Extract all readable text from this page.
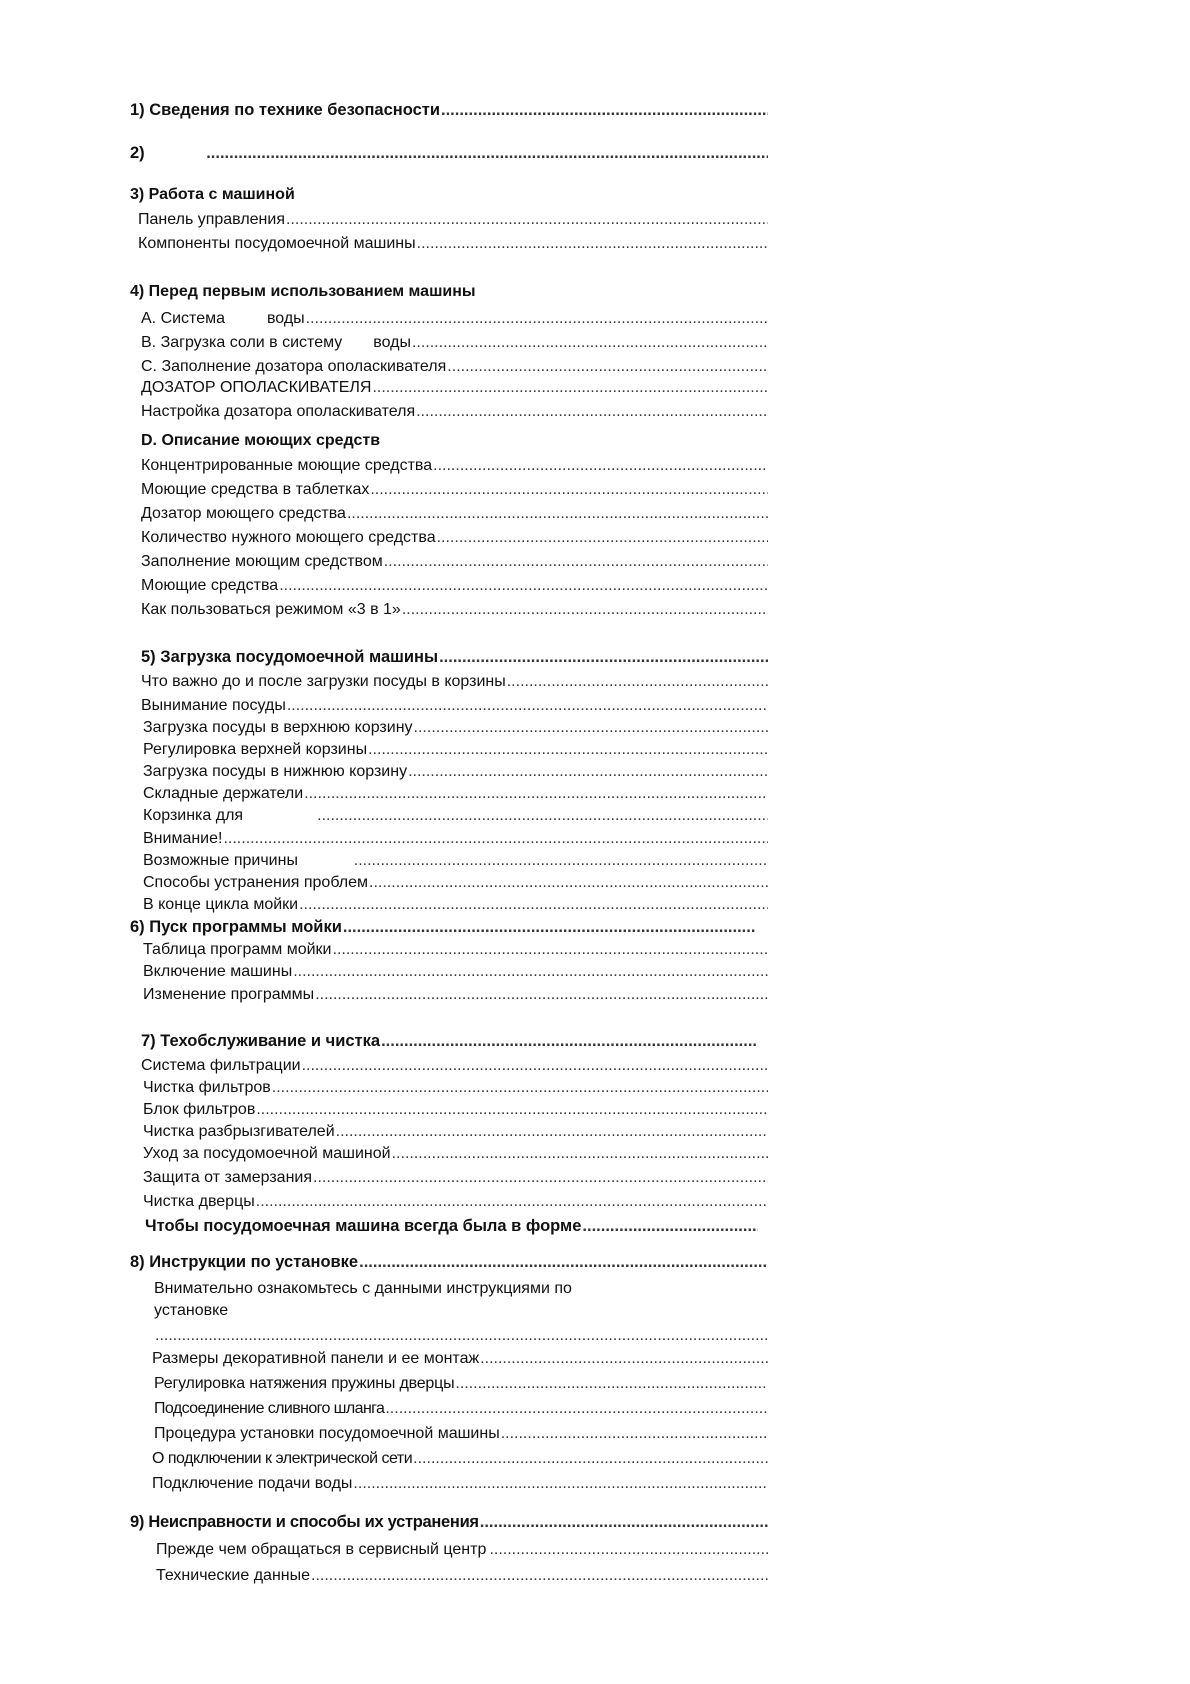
1) Сведения по технике безопасности
.....
2)
.....
3) Работа с машиной
Панель управления
.....
Компоненты посудомоечной машины
.....
4) Перед первым использованием машины
A. Система	воды
.....
B. Загрузка соли в систему воды
.....
C. Заполнение дозатора ополаскивателя
.....
ДОЗАТОР ОПОЛАСКИВАТЕЛЯ
.....
Настройка дозатора ополаскивателя
.....
D. Описание моющих средств
Концентрированные моющие средства
.....
Моющие средства в таблетках
.....
Дозатор моющего средства
.....
Количество нужного моющего средства
.....
Заполнение моющим средством
.....
Моющие средства
.....
Как пользоваться режимом «3 в 1»
.....
5) Загрузка посудомоечной машины
.....
Что важно до и после загрузки посуды в корзины
.....
Вынимание посуды
.....
Загрузка посуды в верхнюю корзину
.....
Регулировка верхней корзины
.....
Загрузка посуды в нижнюю корзину
.....
Складные держатели
.....
Корзинка для
.....
Внимание!
.....
Возможные причины
.....
Способы устранения проблем
.....
В конце цикла мойки
.....
6) Пуск программы мойки
.....
Таблица программ мойки
.....
Включение машины
.....
Изменение программы
.....
7) Техобслуживание и чистка
.....
Система фильтрации
.....
Чистка фильтров
.....
Блок фильтров
.....
Чистка разбрызгивателей
.....
Уход за посудомоечной машиной
.....
Защита от замерзания
.....
Чистка дверцы
.....
Чтобы посудомоечная машина всегда была в форме
.....
8) Инструкции по установке
.....
Внимательно ознакомьтесь с данными инструкциями по
установке
.....
Размеры декоративной панели и ее монтаж
.....
Регулировка натяжения пружины дверцы
.....
Подсоединение сливного шланга
.....
Процедура установки посудомоечной машины
.....
О подключении к электрической сети
.....
Подключение подачи воды
.....
9) Неисправности и способы их устранения
.....
Прежде чем обращаться в сервисный центр
.....
Технические данные
.....
